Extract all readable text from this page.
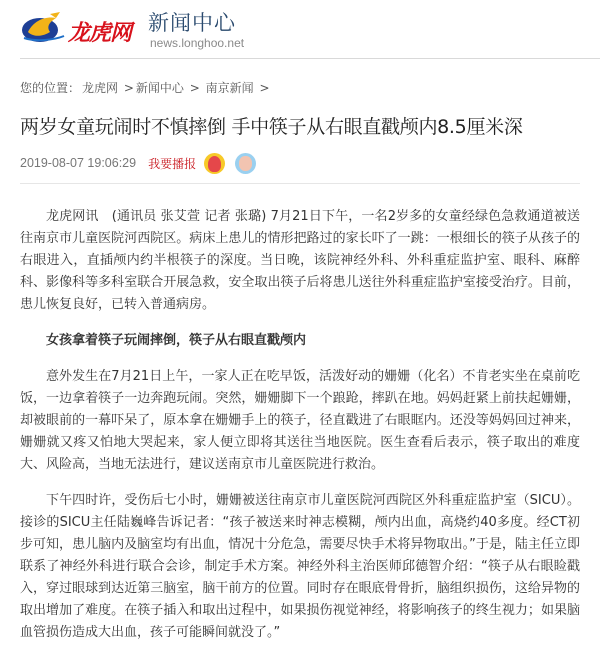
龙虎网 新闻中心
news.longhoo.net
您的位置： 龙虎网 > 新闻中心 > 南京新闻 >
两岁女童玩闹时不慎摔倒 手中筷子从右眼直戳颅内8.5厘米深
2019-08-07 19:06:29 我要播报

龙虎网讯　(通讯员 张艾萱 记者 张璐) 7月21日下午，一名2岁多的女童经绿色急救通道被送往南京市儿童医院河西院区。病床上患儿的情形把路过的家长吓了一跳：一根细长的筷子从孩子的右眼进入，直插颅内约半根筷子的深度。当日晚，该院神经外科、外科重症监护室、眼科、麻醉科、影像科等多科室联合开展急救，安全取出筷子后将患儿送往外科重症监护室接受治疗。目前，患儿恢复良好，已转入普通病房。

女孩拿着筷子玩闹摔倒，筷子从右眼直戳颅内

意外发生在7月21日上午，一家人正在吃早饭，活泼好动的姗姗（化名）不肯老实坐在桌前吃饭，一边拿着筷子一边奔跑玩闹。突然，姗姗脚下一个踉跄，摔趴在地。妈妈赶紧上前扶起姗姗，却被眼前的一幕吓呆了，原本拿在姗姗手上的筷子，径直戳进了右眼眶内。还没等妈妈回过神来，姗姗就又疼又怕地大哭起来，家人便立即将其送往当地医院。医生查看后表示，筷子取出的难度大、风险高，当地无法进行，建议送南京市儿童医院进行救治。

下午四时许，受伤后七小时，姗姗被送往南京市儿童医院河西院区外科重症监护室（SICU）。接诊的SICU主任陆巍峰告诉记者：“孩子被送来时神志模糊，颅内出血，高烧约40多度。经CT初步可知，患儿脑内及脑室均有出血，情况十分危急，需要尽快手术将异物取出。”于是，陆主任立即联系了神经外科进行联合会诊，制定手术方案。神经外科主治医师邱德智介绍：“筷子从右眼睑戳入，穿过眼球到达近第三脑室，脑干前方的位置。同时存在眼底骨骨折，脑组织损伤，这给异物的取出增加了难度。在筷子插入和取出过程中，如果损伤视觉神经，将影响孩子的终生视力；如果脑血管损伤造成大出血，孩子可能瞬间就没了。”
